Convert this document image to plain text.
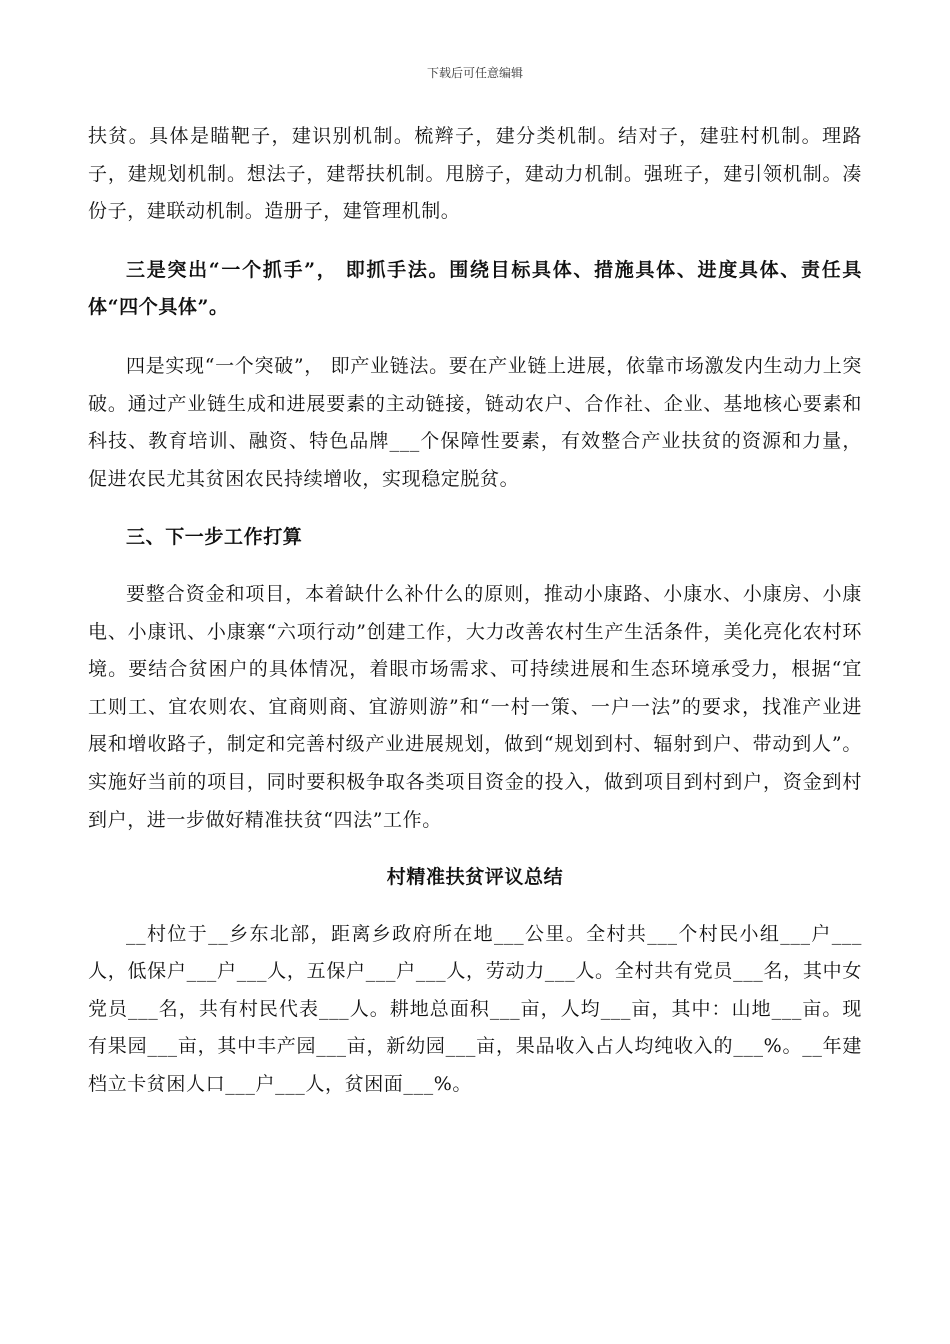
下载后可任意编辑

扶贫。具体是瞄靶子，建识别机制。梳辫子，建分类机制。结对子，建驻村机制。理路子，建规划机制。想法子，建帮扶机制。甩膀子，建动力机制。强班子，建引领机制。凑份子，建联动机制。造册子，建管理机制。

三是突出“一个抓手”， 即抓手法。围绕目标具体、措施具体、进度具体、责任具体“四个具体”。

四是实现“一个突破”， 即产业链法。要在产业链上进展，依靠市场激发内生动力上突破。通过产业链生成和进展要素的主动链接，链动农户、合作社、企业、基地核心要素和科技、教育培训、融资、特色品牌___个保障性要素，有效整合产业扶贫的资源和力量，促进农民尤其贫困农民持续增收，实现稳定脱贫。

三、下一步工作打算

要整合资金和项目，本着缺什么补什么的原则，推动小康路、小康水、小康房、小康电、小康讯、小康寨“六项行动”创建工作，大力改善农村生产生活条件，美化亮化农村环境。要结合贫困户的具体情况，着眼市场需求、可持续进展和生态环境承受力，根据“宜工则工、宜农则农、宜商则商、宜游则游”和“一村一策、一户一法”的要求，找准产业进展和增收路子，制定和完善村级产业进展规划，做到“规划到村、辐射到户、带动到人”。实施好当前的项目，同时要积极争取各类项目资金的投入，做到项目到村到户，资金到村到户，进一步做好精准扶贫“四法”工作。

村精准扶贫评议总结

__村位于__乡东北部，距离乡政府所在地___公里。全村共___个村民小组___户___人，低保户___户___人，五保户___户___人，劳动力___人。全村共有党员___名，其中女党员___名，共有村民代表___人。耕地总面积___亩，人均___亩，其中：山地___亩。现有果园___亩，其中丰产园___亩，新幼园___亩，果品收入占人均纯收入的___%。__年建档立卡贫困人口___户___人，贫困面___%。
